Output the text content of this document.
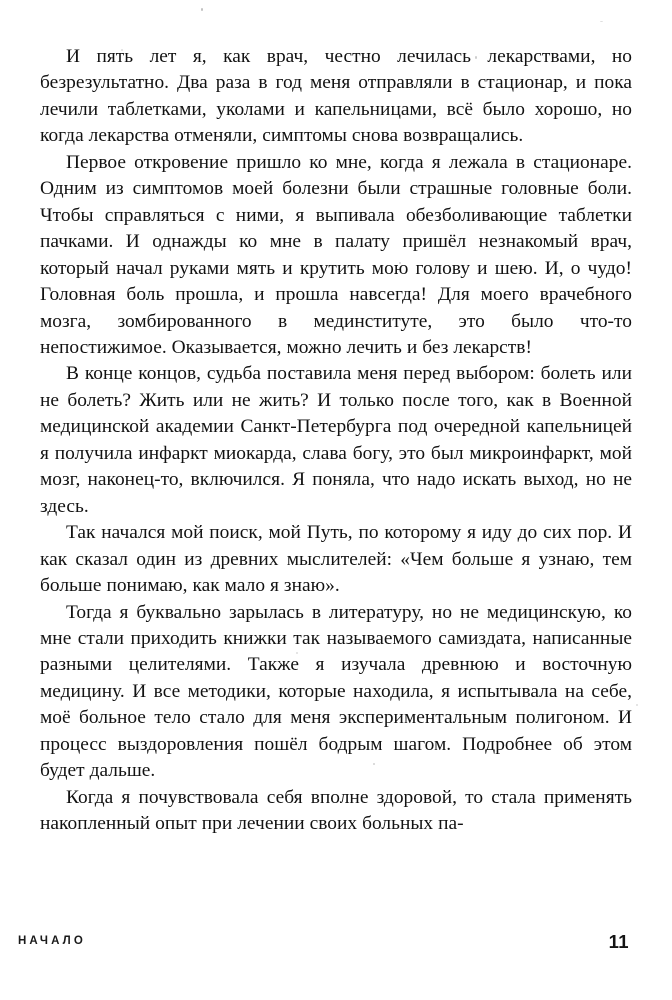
И пять лет я, как врач, честно лечилась лекарствами, но безрезультатно. Два раза в год меня отправляли в стационар, и пока лечили таблетками, уколами и капельницами, всё было хорошо, но когда лекарства отменяли, симптомы снова возвращались.

Первое откровение пришло ко мне, когда я лежала в стационаре. Одним из симптомов моей болезни были страшные головные боли. Чтобы справляться с ними, я выпивала обезболивающие таблетки пачками. И однажды ко мне в палату пришёл незнакомый врач, который начал руками мять и крутить мою голову и шею. И, о чудо! Головная боль прошла, и прошла навсегда! Для моего врачебного мозга, зомбированного в мединституте, это было что-то непостижимое. Оказывается, можно лечить и без лекарств!

В конце концов, судьба поставила меня перед выбором: болеть или не болеть? Жить или не жить? И только после того, как в Военной медицинской академии Санкт-Петербурга под очередной капельницей я получила инфаркт миокарда, слава богу, это был микроинфаркт, мой мозг, наконец-то, включился. Я поняла, что надо искать выход, но не здесь.

Так начался мой поиск, мой Путь, по которому я иду до сих пор. И как сказал один из древних мыслителей: «Чем больше я узнаю, тем больше понимаю, как мало я знаю».

Тогда я буквально зарылась в литературу, но не медицинскую, ко мне стали приходить книжки так называемого самиздата, написанные разными целителями. Также я изучала древнюю и восточную медицину. И все методики, которые находила, я испытывала на себе, моё больное тело стало для меня экспериментальным полигоном. И процесс выздоровления пошёл бодрым шагом. Подробнее об этом будет дальше.

Когда я почувствовала себя вполне здоровой, то стала применять накопленный опыт при лечении своих больных па-

НАЧАЛО	11
